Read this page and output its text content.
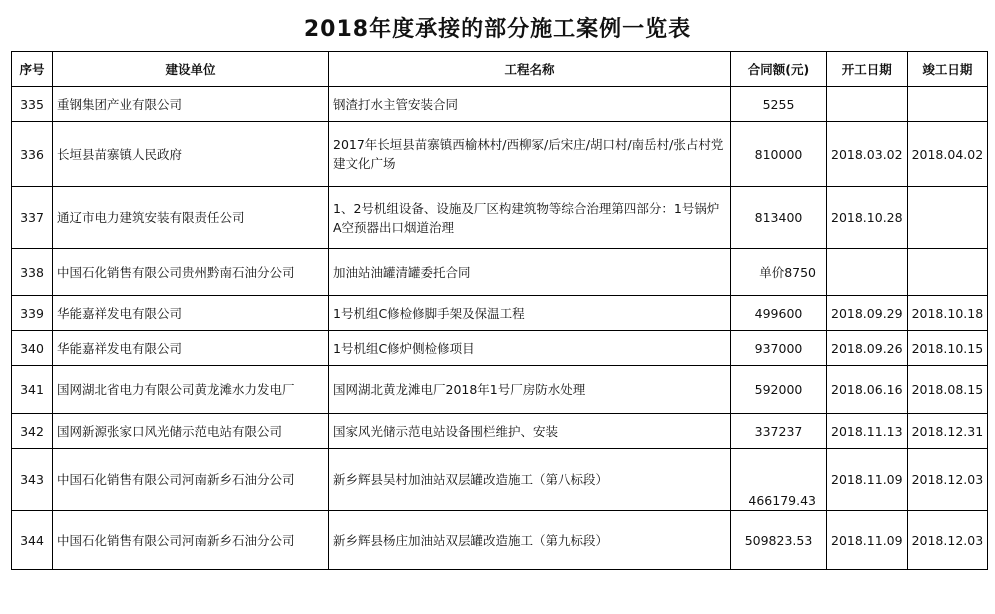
2018年度承接的部分施工案例一览表
序号	建设单位	工程名称	合同额(元)	开工日期	竣工日期
335	重钢集团产业有限公司	钢渣打水主管安装合同	5255		
336	长垣县苗寨镇人民政府	2017年长垣县苗寨镇西榆林村/西柳冢/后宋庄/胡口村/南岳村/张占村党建文化广场	810000	2018.03.02	2018.04.02
337	通辽市电力建筑安装有限责任公司	1、2号机组设备、设施及厂区构建筑物等综合治理第四部分：1号锅炉A空预器出口烟道治理	813400	2018.10.28	
338	中国石化销售有限公司贵州黔南石油分公司	加油站油罐清罐委托合同	单价8750		
339	华能嘉祥发电有限公司	1号机组C修检修脚手架及保温工程	499600	2018.09.29	2018.10.18
340	华能嘉祥发电有限公司	1号机组C修炉侧检修项目	937000	2018.09.26	2018.10.15
341	国网湖北省电力有限公司黄龙滩水力发电厂	国网湖北黄龙滩电厂2018年1号厂房防水处理	592000	2018.06.16	2018.08.15
342	国网新源张家口风光储示范电站有限公司	国家风光储示范电站设备围栏维护、安装	337237	2018.11.13	2018.12.31
343	中国石化销售有限公司河南新乡石油分公司	新乡辉县吴村加油站双层罐改造施工（第八标段）	466179.43	2018.11.09	2018.12.03
344	中国石化销售有限公司河南新乡石油分公司	新乡辉县杨庄加油站双层罐改造施工（第九标段）	509823.53	2018.11.09	2018.12.03
